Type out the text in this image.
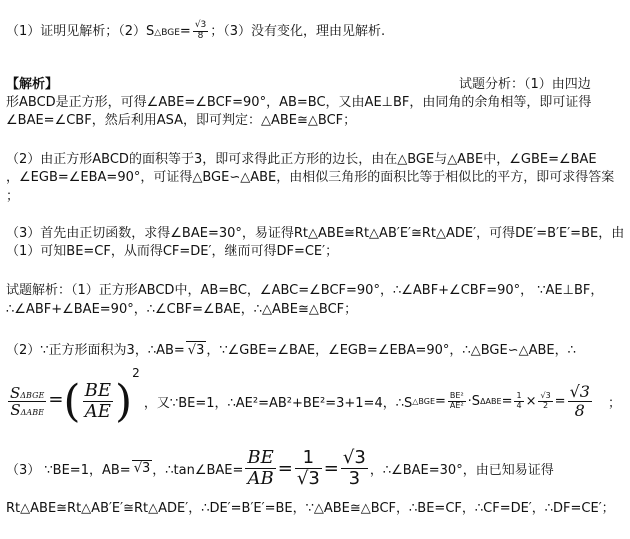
（1）证明见解析；（2）S△BGE= $\frac{√3}{8}$ ；（3）没有变化，理由见解析.
【解析】	试题分析：（1）由四边
形ABCD是正方形，可得∠ABE=∠BCF=90°，AB=BC，又由AE⊥BF，由同角的余角相等，即可证得
∠BAE=∠CBF，然后利用ASA，即可判定：△ABE≅△BCF；
（2）由正方形ABCD的面积等于3，即可求得此正方形的边长，由在△BGE与△ABE中，∠GBE=∠BAE
，∠EGB=∠EBA=90°，可证得△BGE∽△ABE，由相似三角形的面积比等于相似比的平方，即可求得答案
；
（3）首先由正切函数，求得∠BAE=30°，易证得Rt△ABE≅Rt△AB′E′≅Rt△ADE′，可得DE′=B′E′=BE，由
（1）可知BE=CF，从而得CF=DE′，继而可得DF=CE′；
试题解析：（1）正方形ABCD中，AB=BC，∠ABC=∠BCF=90°，∴∠ABF+∠CBF=90°， ∵AE⊥BF，
∴∠ABF+∠BAE=90°，∴∠CBF=∠BAE，∴△ABE≅△BCF；
（2）∵正方形面积为3，∴AB= √3 ，∵∠GBE=∠BAE，∠EGB=∠EBA=90°，∴△BGE∽△ABE，∴
$\frac{\text{SΔBGE}}{\text{SΔABE}}$ =( $\frac{BE}{AE} )^2$ ，又∵BE=1，∴AE²=AB²+BE²=3+1=4，∴S△BGE= $\frac{\text{BE²}}{\text{AE²}} \cdot S\Delta ABE= \frac{1}{4} \times \frac{√3}{2} = \frac{√3}{8}$ ；
（3） ∵BE=1，AB= √3 ，∴tan∠BAE= $\frac{BE}{AB} = \frac{1}{√3} = \frac{√3}{3}$ ，∴∠BAE=30°，由已知易证得
Rt△ABE≅Rt△AB′E′≅Rt△ADE′，∴DE′=B′E′=BE，∵△ABE≅△BCF，∴BE=CF，∴CF=DE′，∴DF=CE′；
